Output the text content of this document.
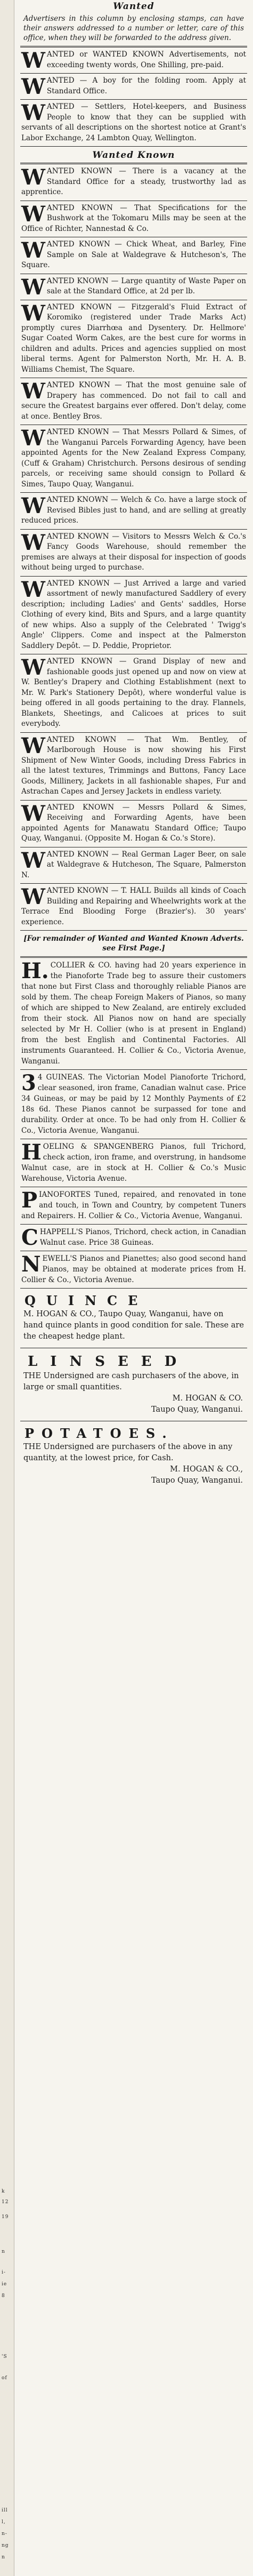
k
12
19
n
i-
ie
8
'S
of
ill
l,
n-
ng
n
Wanted
Advertisers in this column by enclosing stamps, can have their answers addressed to a number or letter, care of this office, when they will be forwarded to the address given.
WANTED or WANTED KNOWN Advertisements, not exceeding twenty words, One Shilling, pre-paid.
WANTED — A boy for the folding room. Apply at Standard Office.
WANTED — Settlers, Hotel-keepers, and Business People to know that they can be supplied with servants of all descriptions on the shortest notice at Grant's Labor Exchange, 24 Lambton Quay, Wellington.
Wanted Known
WANTED KNOWN — There is a vacancy at the Standard Office for a steady, trustworthy lad as apprentice.
WANTED KNOWN — That Specifications for the Bushwork at the Tokomaru Mills may be seen at the Office of Richter, Nannestad & Co.
WANTED KNOWN — Chick Wheat, and Barley, Fine Sample on Sale at Waldegrave & Hutcheson's, The Square.
WANTED KNOWN — Large quantity of Waste Paper on sale at the Standard Office, at 2d per lb.
WANTED KNOWN — Fitzgerald's Fluid Extract of Koromiko (registered under Trade Marks Act) promptly cures Diarrhœa and Dysentery. Dr. Hellmore' Sugar Coated Worm Cakes, are the best cure for worms in children and adults. Prices and agencies supplied on most liberal terms. Agent for Palmerston North, Mr. H. A. B. Williams Chemist, The Square.
WANTED KNOWN — That the most genuine sale of Drapery has commenced. Do not fail to call and secure the Greatest bargains ever offered. Don't delay, come at once. Bentley Bros.
WANTED KNOWN — That Messrs Pollard & Simes, of the Wanganui Parcels Forwarding Agency, have been appointed Agents for the New Zealand Express Company, (Cuff & Graham) Christchurch. Persons desirous of sending parcels, or receiving same should consign to Pollard & Simes, Taupo Quay, Wanganui.
WANTED KNOWN — Welch & Co. have a large stock of Revised Bibles just to hand, and are selling at greatly reduced prices.
WANTED KNOWN — Visitors to Messrs Welch & Co.'s Fancy Goods Warehouse, should remember the premises are always at their disposal for inspection of goods without being urged to purchase.
WANTED KNOWN — Just Arrived a large and varied assortment of newly manufactured Saddlery of every description; including Ladies' and Gents' saddles, Horse Clothing of every kind, Bits and Spurs, and a large quantity of new whips. Also a supply of the Celebrated ' Twigg's Angle' Clippers. Come and inspect at the Palmerston Saddlery Depôt. — D. Peddie, Proprietor.
WANTED KNOWN — Grand Display of new and fashionable goods just opened up and now on view at W. Bentley's Drapery and Clothing Establishment (next to Mr. W. Park's Stationery Depôt), where wonderful value is being offered in all goods pertaining to the dray. Flannels, Blankets, Sheetings, and Calicoes at prices to suit everybody.
WANTED KNOWN — That Wm. Bentley, of Marlborough House is now showing his First Shipment of New Winter Goods, including Dress Fabrics in all the latest textures, Trimmings and Buttons, Fancy Lace Goods, Millinery, Jackets in all fashionable shapes, Fur and Astrachan Capes and Jersey Jackets in endless variety.
WANTED KNOWN — Messrs Pollard & Simes, Receiving and Forwarding Agents, have been appointed Agents for Manawatu Standard Office; Taupo Quay, Wanganui. (Opposite M. Hogan & Co.'s Store).
WANTED KNOWN — Real German Lager Beer, on sale at Waldegrave & Hutcheson, The Square, Palmerston N.
WANTED KNOWN — T. HALL Builds all kinds of Coach Building and Repairing and Wheelwrights work at the Terrace End Blooding Forge (Brazier's). 30 years' experience.
[For remainder of Wanted and Wanted Known Adverts. see First Page.]
H.COLLIER & CO. having had 20 years experience in the Pianoforte Trade beg to assure their customers that none but First Class and thoroughly reliable Pianos are sold by them. The cheap Foreign Makers of Pianos, so many of which are shipped to New Zealand, are entirely excluded from their stock. All Pianos now on hand are specially selected by Mr H. Collier (who is at present in England) from the best English and Continental Factories. All instruments Guaranteed. H. Collier & Co., Victoria Avenue, Wanganui.
34 GUINEAS. The Victorian Model Pianoforte Trichord, clear seasoned, iron frame, Canadian walnut case. Price 34 Guineas, or may be paid by 12 Monthly Payments of £2 18s 6d. These Pianos cannot be surpassed for tone and durability. Order at once. To be had only from H. Collier & Co., Victoria Avenue, Wanganui.
HOELING & SPANGENBERG Pianos, full Trichord, check action, iron frame, and overstrung, in handsome Walnut case, are in stock at H. Collier & Co.'s Music Warehouse, Victoria Avenue.
PIANOFORTES Tuned, repaired, and renovated in tone and touch, in Town and Country, by competent Tuners and Repairers. H. Collier & Co., Victoria Avenue, Wanganui.
CHAPPELL'S Pianos, Trichord, check action, in Canadian Walnut case. Price 38 Guineas.
NEWELL'S Pianos and Pianettes; also good second hand Pianos, may be obtained at moderate prices from H. Collier & Co., Victoria Avenue.
QUINCE
M. HOGAN & CO., Taupo Quay, Wanganui, have on hand quince plants in good condition for sale. These are the cheapest hedge plant.
LINSEED
THE Undersigned are cash purchasers of the above, in large or small quantities.
M. HOGAN & CO.
Taupo Quay, Wanganui.
POTATOES.
THE Undersigned are purchasers of the above in any quantity, at the lowest price, for Cash.
M. HOGAN & CO.,
Taupo Quay, Wanganui.
